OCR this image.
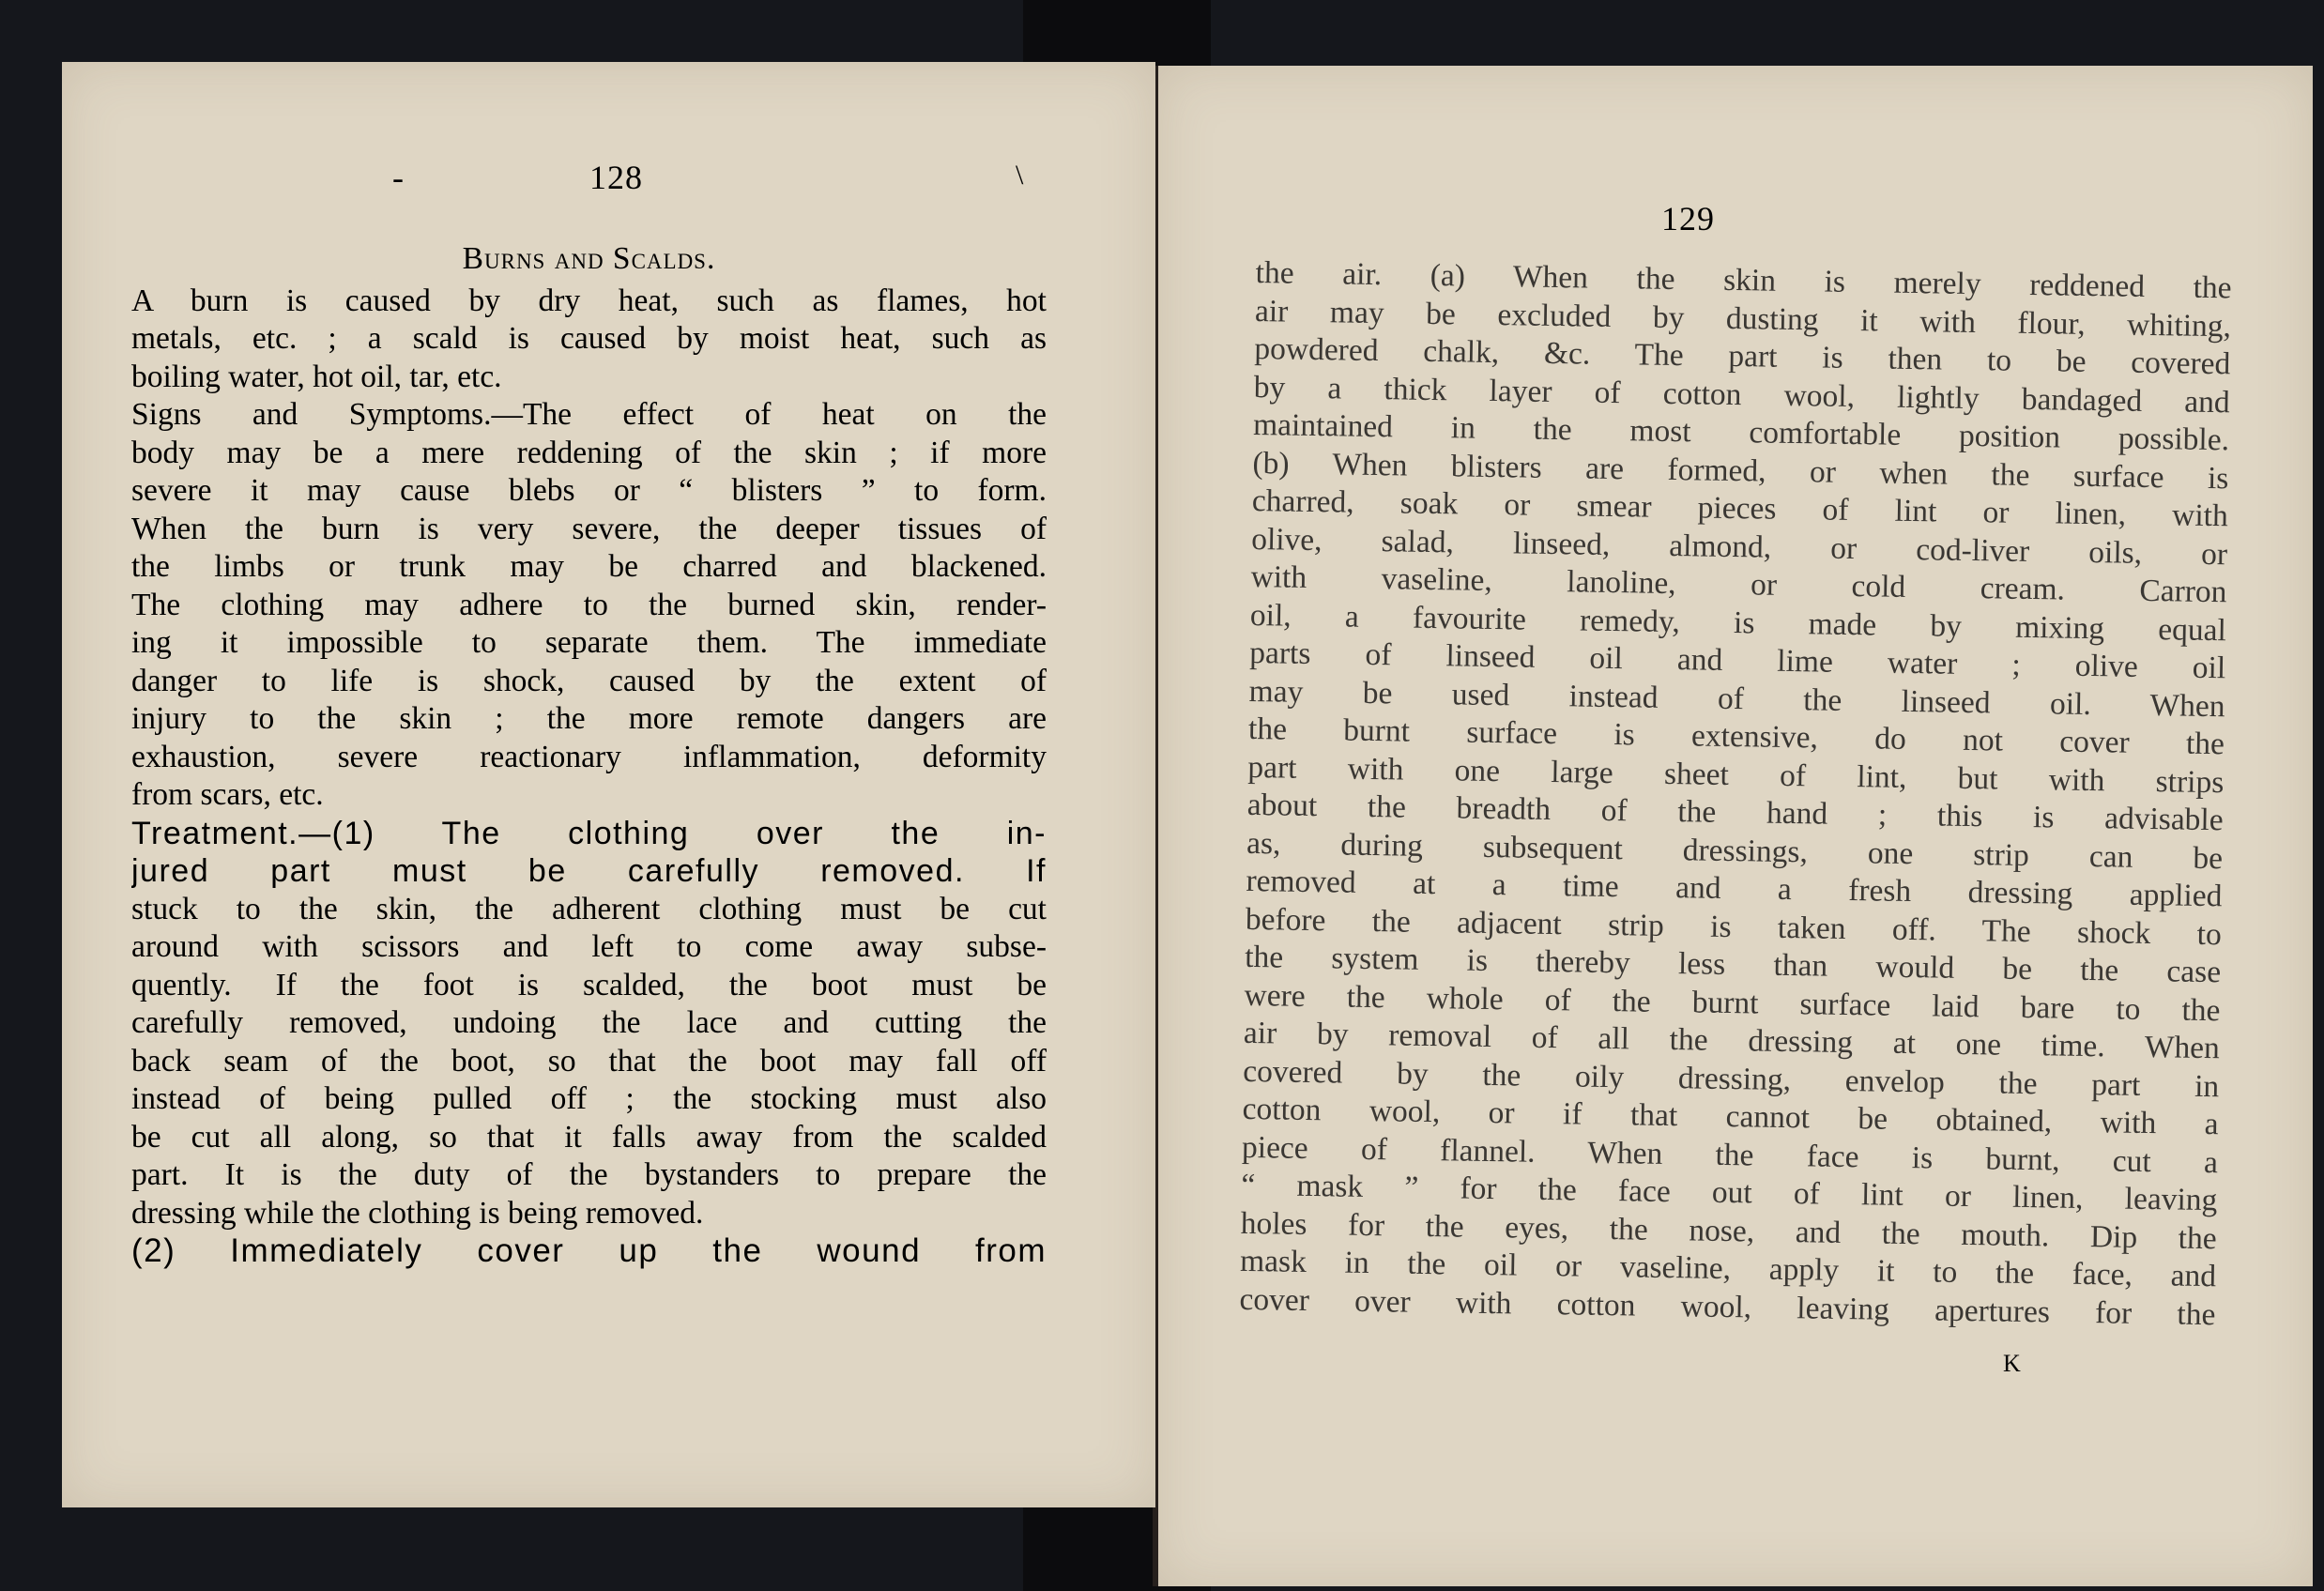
-	128	\
Burns and Scalds.
A burn is caused by dry heat, such as flames, hot
metals, etc. ; a scald is caused by moist heat, such as
boiling water, hot oil, tar, etc.
Signs and Symptoms.—The effect of heat on the
body may be a mere reddening of the skin ; if more
severe it may cause blebs or “ blisters ” to form.
When the burn is very severe, the deeper tissues of
the limbs or trunk may be charred and blackened.
The clothing may adhere to the burned skin, render-
ing it impossible to separate them. The immediate
danger to life is shock, caused by the extent of
injury to the skin ; the more remote dangers are
exhaustion, severe reactionary inflammation, deformity
from scars, etc.
Treatment.—(1) The clothing over the in-
jured part must be carefully removed. If
stuck to the skin, the adherent clothing must be cut
around with scissors and left to come away subse-
quently. If the foot is scalded, the boot must be
carefully removed, undoing the lace and cutting the
back seam of the boot, so that the boot may fall off
instead of being pulled off ; the stocking must also
be cut all along, so that it falls away from the scalded
part. It is the duty of the bystanders to prepare the
dressing while the clothing is being removed.
(2) Immediately cover up the wound from
129
the air. (a) When the skin is merely reddened the
air may be excluded by dusting it with flour, whiting,
powdered chalk, &c. The part is then to be covered
by a thick layer of cotton wool, lightly bandaged and
maintained in the most comfortable position possible.
(b) When blisters are formed, or when the surface is
charred, soak or smear pieces of lint or linen, with
olive, salad, linseed, almond, or cod-liver oils, or
with vaseline, lanoline, or cold cream. Carron
oil, a favourite remedy, is made by mixing equal
parts of linseed oil and lime water ; olive oil
may be used instead of the linseed oil. When
the burnt surface is extensive, do not cover the
part with one large sheet of lint, but with strips
about the breadth of the hand ; this is advisable
as, during subsequent dressings, one strip can be
removed at a time and a fresh dressing applied
before the adjacent strip is taken off. The shock to
the system is thereby less than would be the case
were the whole of the burnt surface laid bare to the
air by removal of all the dressing at one time. When
covered by the oily dressing, envelop the part in
cotton wool, or if that cannot be obtained, with a
piece of flannel. When the face is burnt, cut a
“ mask ” for the face out of lint or linen, leaving
holes for the eyes, the nose, and the mouth. Dip the
mask in the oil or vaseline, apply it to the face, and
cover over with cotton wool, leaving apertures for the
K
